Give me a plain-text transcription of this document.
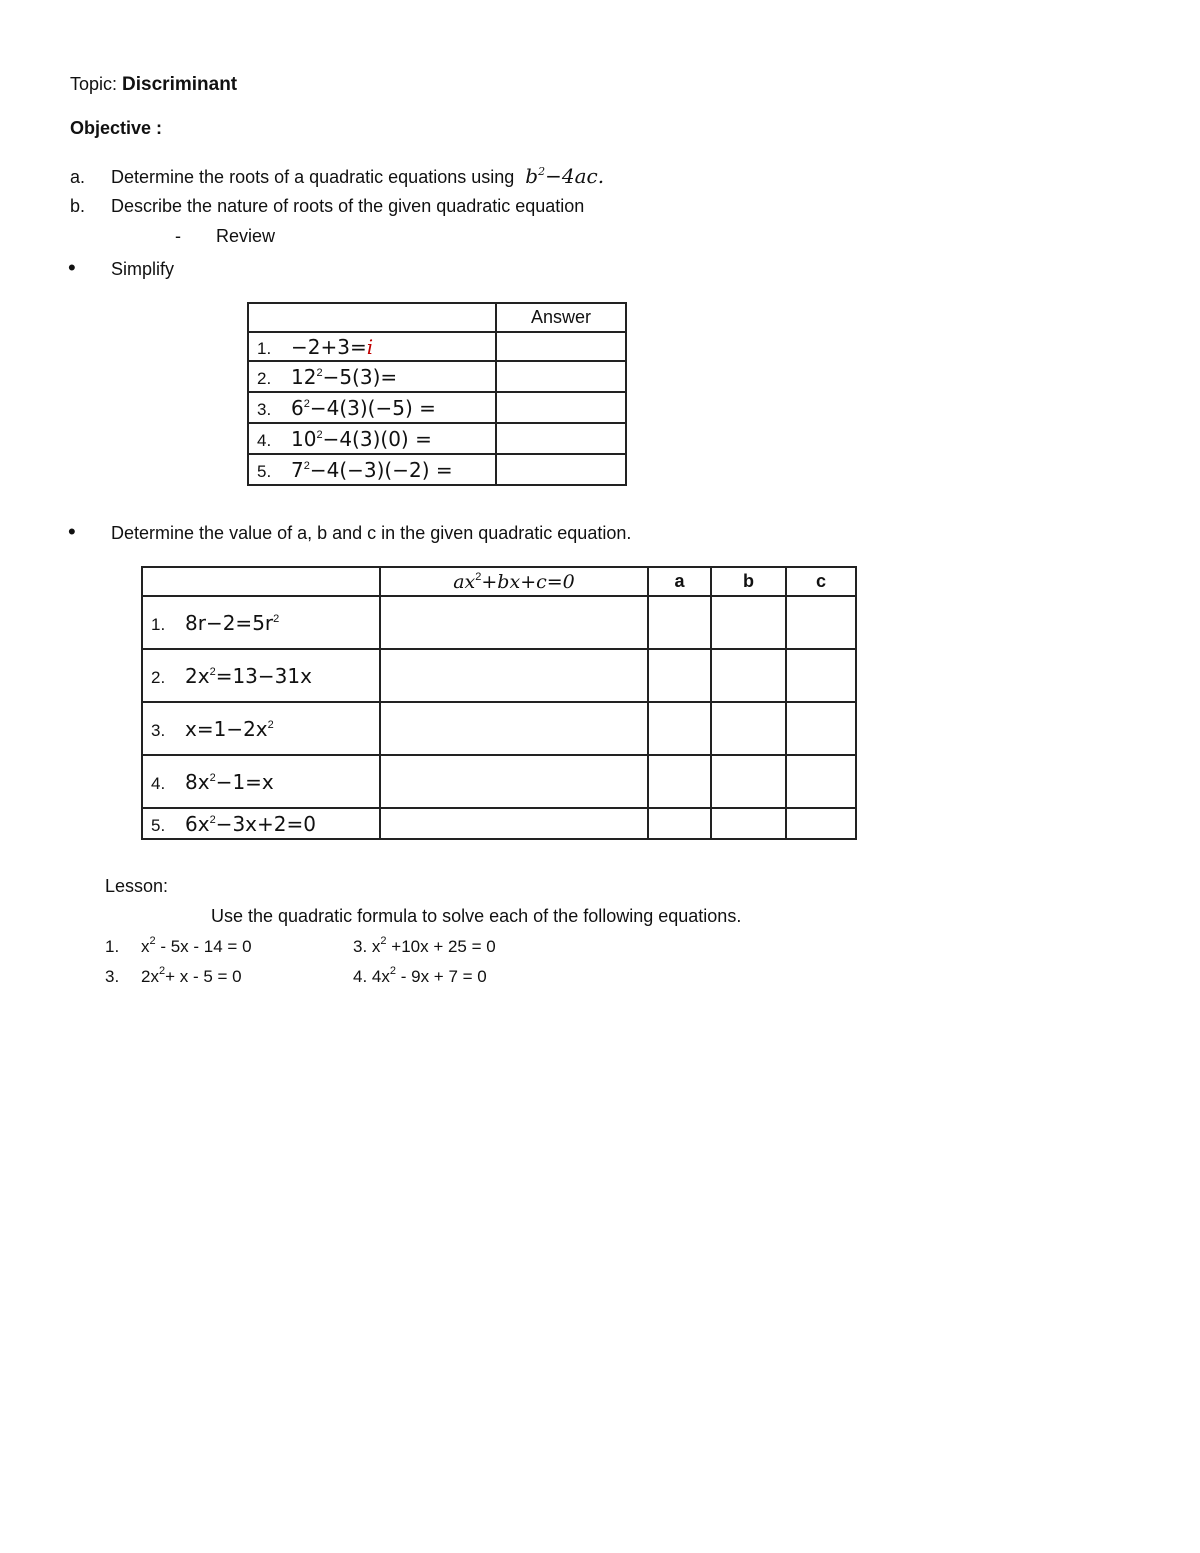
Topic: Discriminant
Objective :
a. Determine the roots of a quadratic equations using $b^2-4ac$.
b. Describe the nature of roots of the given quadratic equation
- Review
• Simplify
	Answer
1. −2+3=i	
2. $12^2-5(3)=$	
3. $6^2-4(3)(-5)$ =	
4. $10^2-4(3)(0)$ =	
5. $7^2-4(-3)(-2)$ =	
• Determine the value of a, b and c in the given quadratic equation.
	$ax^2+bx+c=0$	a	b	c
1. $8r-2=5r^2$				
2. $2x^2=13-31x$				
3. $x=1-2x^2$				
4. $8x^2-1=x$				
5. $6x^2-3x+2=0$				
Lesson:
Use the quadratic formula to solve each of the following equations.
1. $x^2 - 5x - 14 = 0$	3. $x^2 +10x + 25 = 0$
3. $2x^2+ x - 5 = 0$	4. $4x^2 - 9x + 7 = 0$
